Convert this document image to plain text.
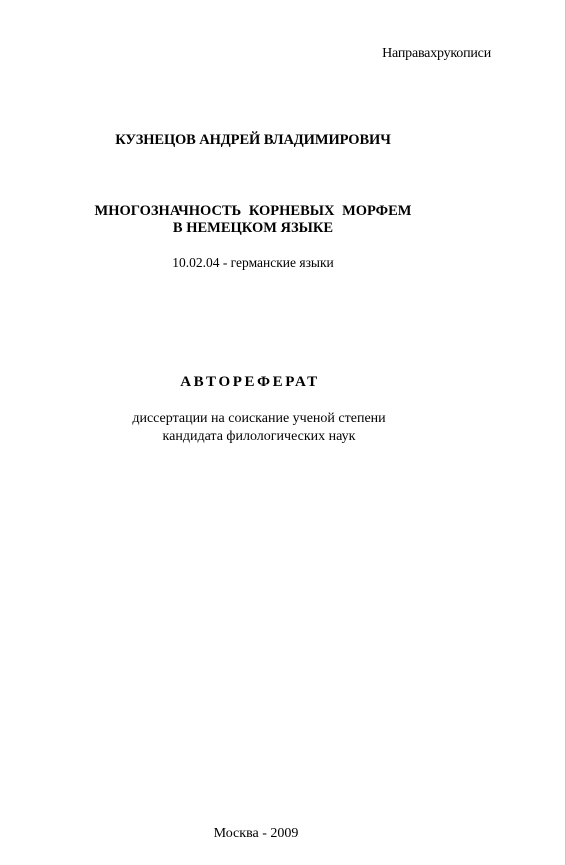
Направахрукописи
КУЗНЕЦОВ АНДРЕЙ ВЛАДИМИРОВИЧ
МНОГОЗНАЧНОСТЬ КОРНЕВЫХ МОРФЕМ
В НЕМЕЦКОМ ЯЗЫКЕ
10.02.04 - германские языки
АВТОРЕФЕРАТ
диссертации на соискание ученой степени
кандидата филологических наук
Москва - 2009
